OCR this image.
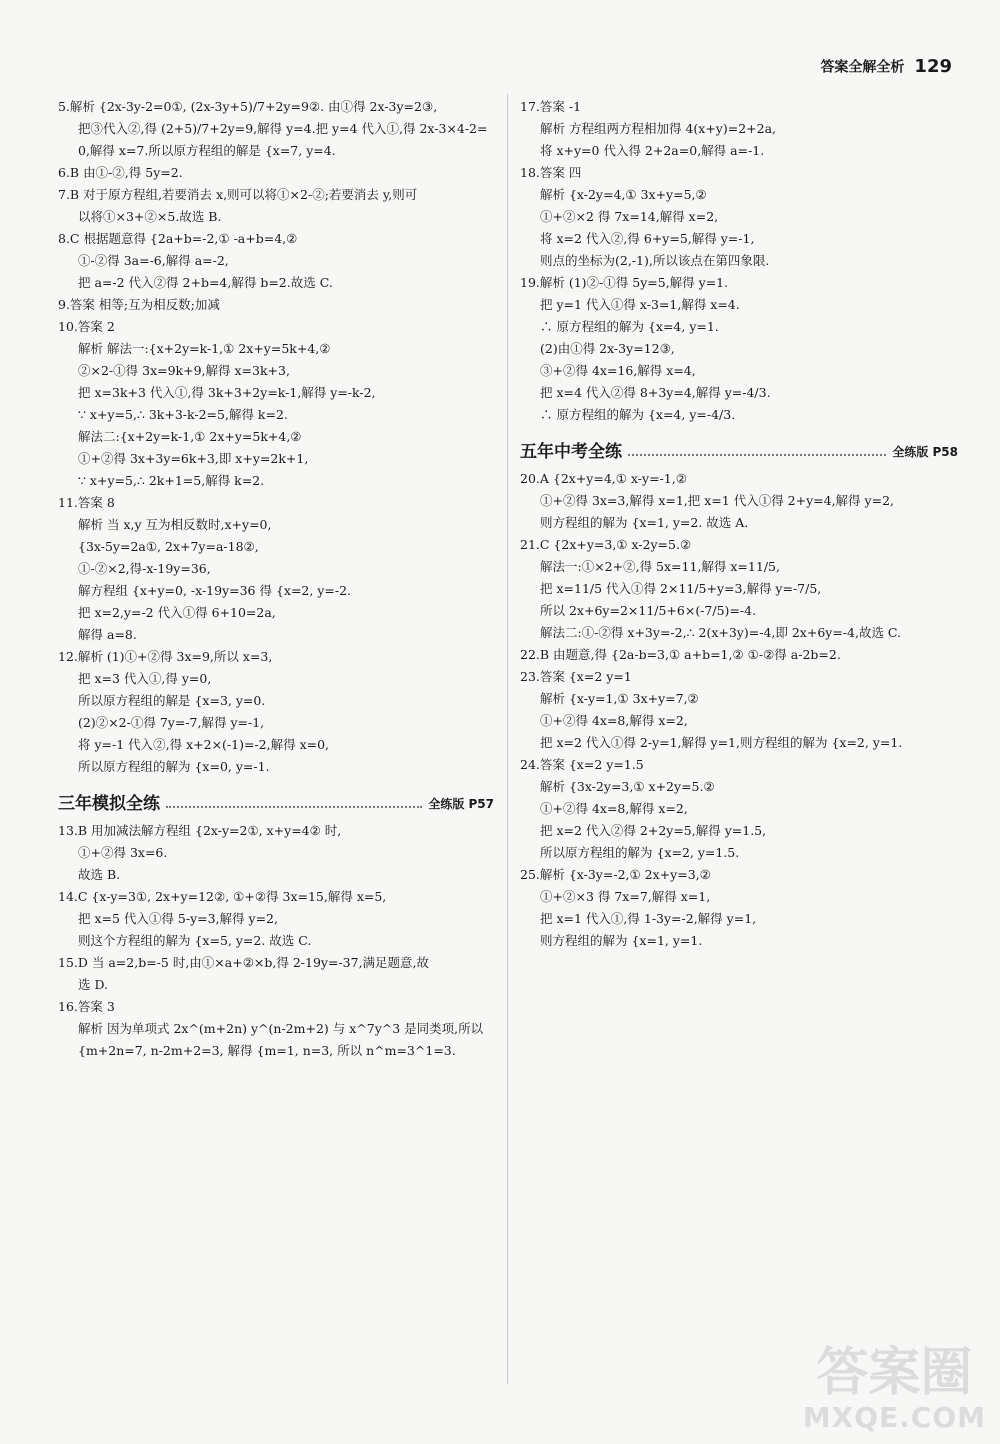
答案全解全析 129
5.解析 {2x-3y-2=0①, (2x-3y+5)/7+2y=9②. 由①得 2x-3y=2③,
把③代入②,得 (2+5)/7+2y=9,解得 y=4.把 y=4 代入①,得 2x-3×4-2=
0,解得 x=7.所以原方程组的解是 {x=7, y=4.
6.B 由①-②,得 5y=2.
7.B 对于原方程组,若要消去 x,则可以将①×2-②;若要消去 y,则可
以将①×3+②×5.故选 B.
8.C 根据题意得 {2a+b=-2,① -a+b=4,②
①-②得 3a=-6,解得 a=-2,
把 a=-2 代入②得 2+b=4,解得 b=2.故选 C.
9.答案 相等;互为相反数;加减
10.答案 2
解析 解法一:{x+2y=k-1,① 2x+y=5k+4,②
②×2-①得 3x=9k+9,解得 x=3k+3,
把 x=3k+3 代入①,得 3k+3+2y=k-1,解得 y=-k-2,
∵ x+y=5,∴ 3k+3-k-2=5,解得 k=2.
解法二:{x+2y=k-1,① 2x+y=5k+4,②
①+②得 3x+3y=6k+3,即 x+y=2k+1,
∵ x+y=5,∴ 2k+1=5,解得 k=2.
11.答案 8
解析 当 x,y 互为相反数时,x+y=0,
{3x-5y=2a①, 2x+7y=a-18②,
①-②×2,得-x-19y=36,
解方程组 {x+y=0, -x-19y=36 得 {x=2, y=-2.
把 x=2,y=-2 代入①得 6+10=2a,
解得 a=8.
12.解析 (1)①+②得 3x=9,所以 x=3,
把 x=3 代入①,得 y=0,
所以原方程组的解是 {x=3, y=0.
(2)②×2-①得 7y=-7,解得 y=-1,
将 y=-1 代入②,得 x+2×(-1)=-2,解得 x=0,
所以原方程组的解为 {x=0, y=-1.
三年模拟全练	全练版 P57
13.B 用加减法解方程组 {2x-y=2①, x+y=4② 时,
①+②得 3x=6.
故选 B.
14.C {x-y=3①, 2x+y=12②, ①+②得 3x=15,解得 x=5,
把 x=5 代入①得 5-y=3,解得 y=2,
则这个方程组的解为 {x=5, y=2. 故选 C.
15.D 当 a=2,b=-5 时,由①×a+②×b,得 2-19y=-37,满足题意,故
选 D.
16.答案 3
解析 因为单项式 2x^(m+2n) y^(n-2m+2) 与 x^7y^3 是同类项,所以
{m+2n=7, n-2m+2=3, 解得 {m=1, n=3, 所以 n^m=3^1=3.
17.答案 -1
解析 方程组两方程相加得 4(x+y)=2+2a,
将 x+y=0 代入得 2+2a=0,解得 a=-1.
18.答案 四
解析 {x-2y=4,① 3x+y=5,②
①+②×2 得 7x=14,解得 x=2,
将 x=2 代入②,得 6+y=5,解得 y=-1,
则点的坐标为(2,-1),所以该点在第四象限.
19.解析 (1)②-①得 5y=5,解得 y=1.
把 y=1 代入①得 x-3=1,解得 x=4.
∴ 原方程组的解为 {x=4, y=1.
(2)由①得 2x-3y=12③,
③+②得 4x=16,解得 x=4,
把 x=4 代入②得 8+3y=4,解得 y=-4/3.
∴ 原方程组的解为 {x=4, y=-4/3.
五年中考全练	全练版 P58
20.A {2x+y=4,① x-y=-1,②
①+②得 3x=3,解得 x=1,把 x=1 代入①得 2+y=4,解得 y=2,
则方程组的解为 {x=1, y=2. 故选 A.
21.C {2x+y=3,① x-2y=5.②
解法一:①×2+②,得 5x=11,解得 x=11/5,
把 x=11/5 代入①得 2×11/5+y=3,解得 y=-7/5,
所以 2x+6y=2×11/5+6×(-7/5)=-4.
解法二:①-②得 x+3y=-2,∴ 2(x+3y)=-4,即 2x+6y=-4,故选 C.
22.B 由题意,得 {2a-b=3,① a+b=1,② ①-②得 a-2b=2.
23.答案 {x=2 y=1
解析 {x-y=1,① 3x+y=7,②
①+②得 4x=8,解得 x=2,
把 x=2 代入①得 2-y=1,解得 y=1,则方程组的解为 {x=2, y=1.
24.答案 {x=2 y=1.5
解析 {3x-2y=3,① x+2y=5.②
①+②得 4x=8,解得 x=2,
把 x=2 代入②得 2+2y=5,解得 y=1.5,
所以原方程组的解为 {x=2, y=1.5.
25.解析 {x-3y=-2,① 2x+y=3,②
①+②×3 得 7x=7,解得 x=1,
把 x=1 代入①,得 1-3y=-2,解得 y=1,
则方程组的解为 {x=1, y=1.
答案圈
MXQE.COM
